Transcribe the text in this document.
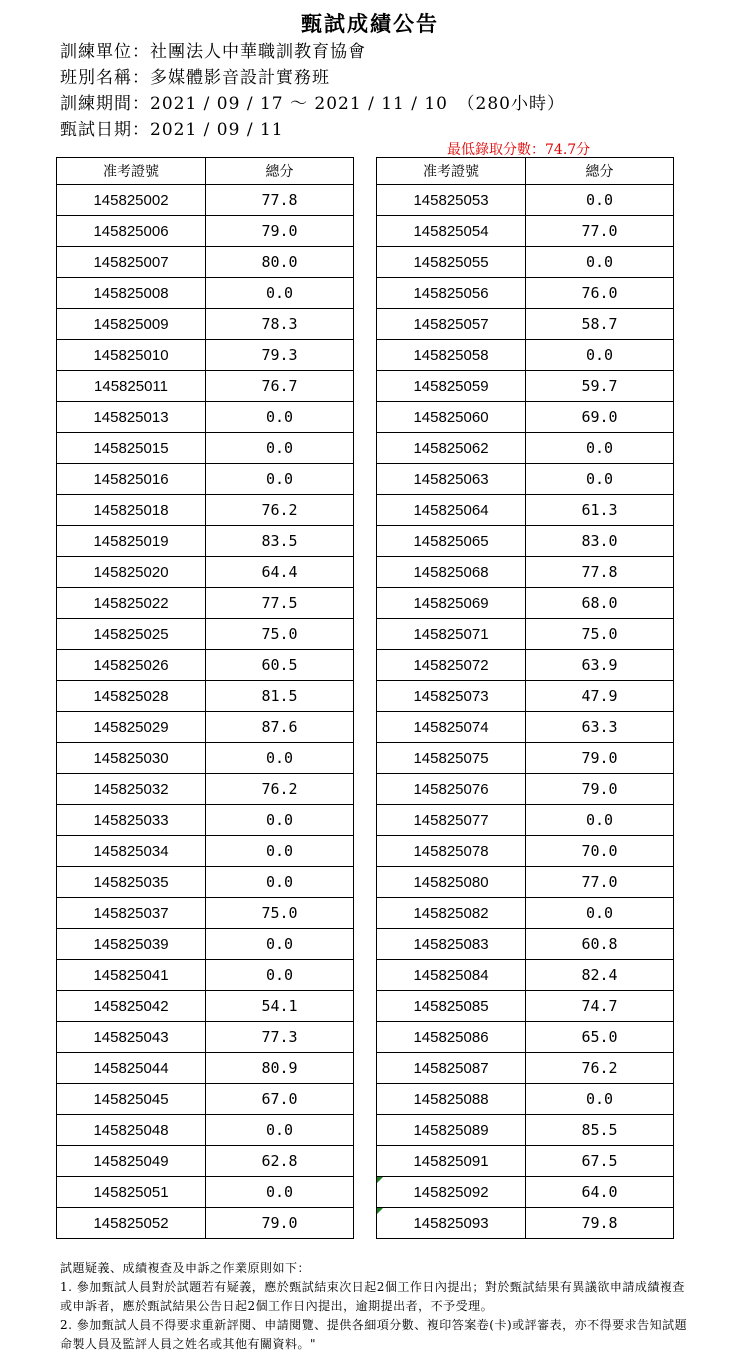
甄試成績公告
訓練單位：社團法人中華職訓教育協會
班別名稱：多媒體影音設計實務班
訓練期間：2021 / 09 / 17 ～ 2021 / 11 / 10　（280小時）
甄試日期：2021 / 09 / 11
最低錄取分數：74.7分
准考證號	總分
145825002	77.8
145825006	79.0
145825007	80.0
145825008	0.0
145825009	78.3
145825010	79.3
145825011	76.7
145825013	0.0
145825015	0.0
145825016	0.0
145825018	76.2
145825019	83.5
145825020	64.4
145825022	77.5
145825025	75.0
145825026	60.5
145825028	81.5
145825029	87.6
145825030	0.0
145825032	76.2
145825033	0.0
145825034	0.0
145825035	0.0
145825037	75.0
145825039	0.0
145825041	0.0
145825042	54.1
145825043	77.3
145825044	80.9
145825045	67.0
145825048	0.0
145825049	62.8
145825051	0.0
145825052	79.0
准考證號	總分
145825053	0.0
145825054	77.0
145825055	0.0
145825056	76.0
145825057	58.7
145825058	0.0
145825059	59.7
145825060	69.0
145825062	0.0
145825063	0.0
145825064	61.3
145825065	83.0
145825068	77.8
145825069	68.0
145825071	75.0
145825072	63.9
145825073	47.9
145825074	63.3
145825075	79.0
145825076	79.0
145825077	0.0
145825078	70.0
145825080	77.0
145825082	0.0
145825083	60.8
145825084	82.4
145825085	74.7
145825086	65.0
145825087	76.2
145825088	0.0
145825089	85.5
145825091	67.5

145825092	64.0

145825093	79.8

試題疑義、成績複查及申訴之作業原則如下：

1. 參加甄試人員對於試題若有疑義，應於甄試結束次日起2個工作日內提出；對於甄試結果有異議欲申請成績複查或申訴者，應於甄試結果公告日起2個工作日內提出，逾期提出者，不予受理。

2. 參加甄試人員不得要求重新評閱、申請閱覽、提供各細項分數、複印答案卷(卡)或評審表，亦不得要求告知試題命製人員及監評人員之姓名或其他有關資料。"
